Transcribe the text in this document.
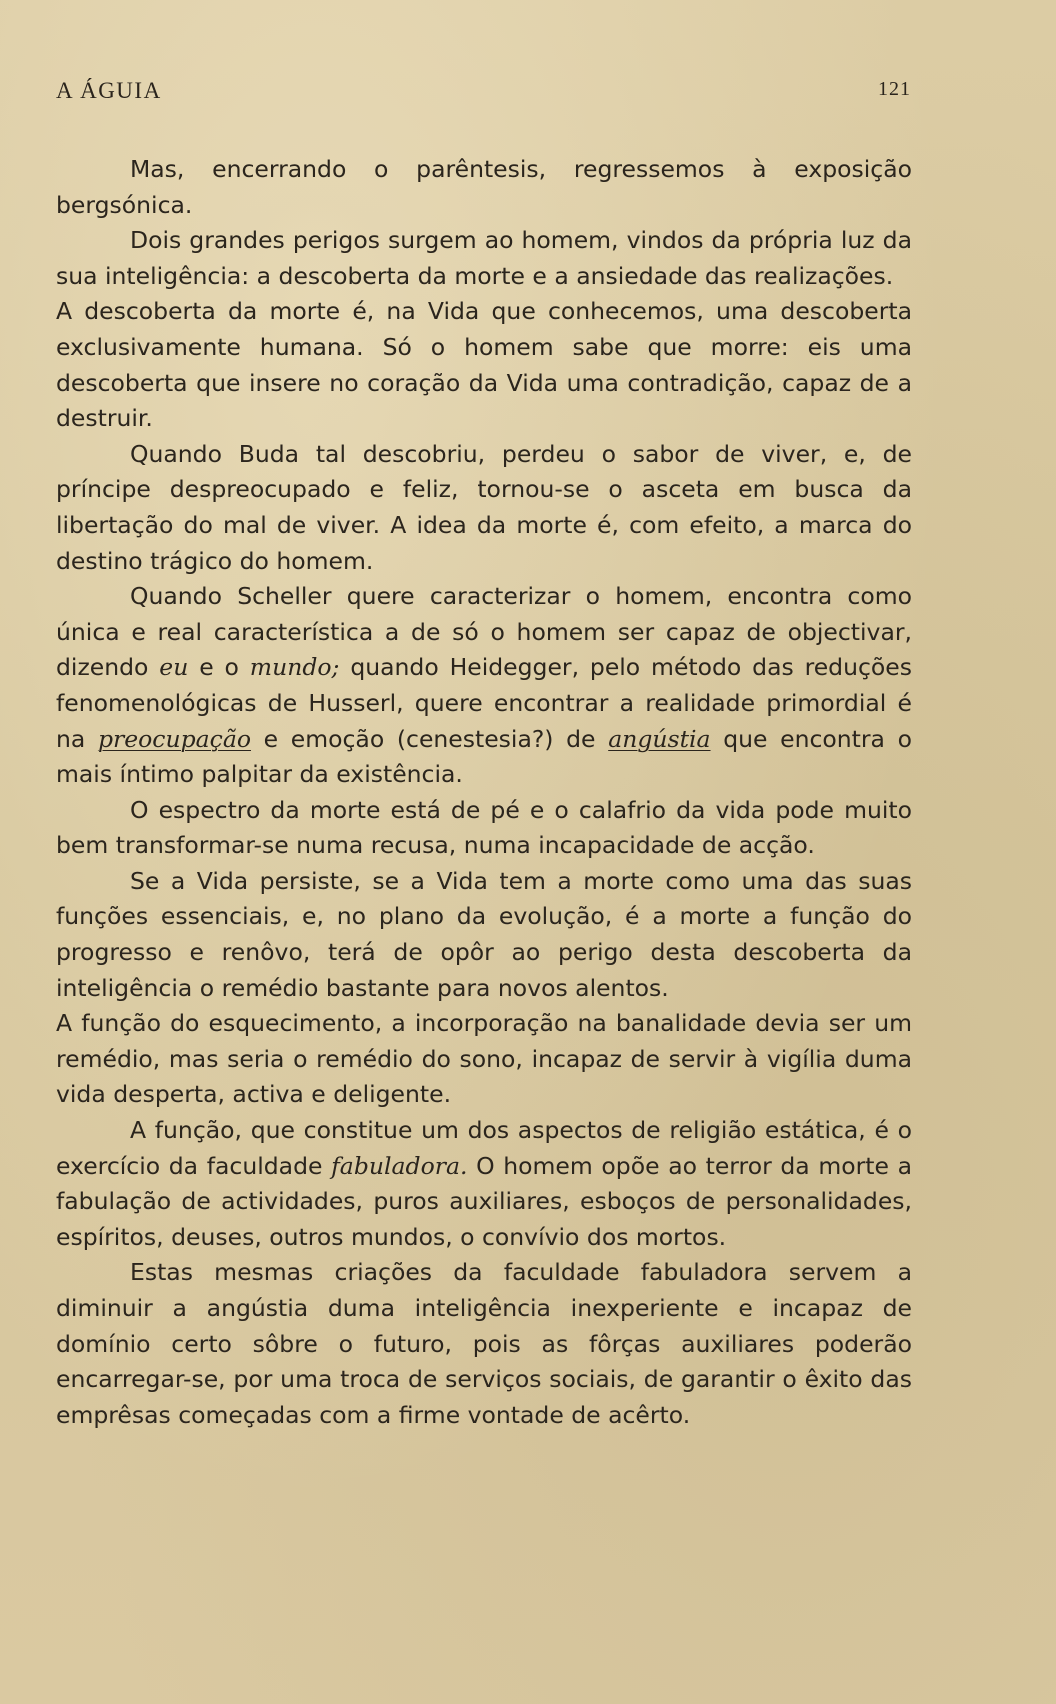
A ÁGUIA	121

Mas, encerrando o parêntesis, regressemos à exposição bergsónica.

Dois grandes perigos surgem ao homem, vindos da própria luz da sua inteligência: a descoberta da morte e a ansiedade das realizações.

A descoberta da morte é, na Vida que conhecemos, uma descoberta exclusivamente humana. Só o homem sabe que morre: eis uma descoberta que insere no coração da Vida uma contradição, capaz de a destruir.

Quando Buda tal descobriu, perdeu o sabor de viver, e, de príncipe despreocupado e feliz, tornou-se o asceta em busca da libertação do mal de viver. A idea da morte é, com efeito, a marca do destino trágico do homem.

Quando Scheller quere caracterizar o homem, encontra como única e real característica a de só o homem ser capaz de objectivar, dizendo eu e o mundo; quando Heidegger, pelo método das reduções fenomenológicas de Husserl, quere encontrar a realidade primordial é na preocupação e emoção (cenestesia?) de angústia que encontra o mais íntimo palpitar da existência.

O espectro da morte está de pé e o calafrio da vida pode muito bem transformar-se numa recusa, numa incapacidade de acção.

Se a Vida persiste, se a Vida tem a morte como uma das suas funções essenciais, e, no plano da evolução, é a morte a função do progresso e renôvo, terá de opôr ao perigo desta descoberta da inteligência o remédio bastante para novos alentos.

A função do esquecimento, a incorporação na banalidade devia ser um remédio, mas seria o remédio do sono, incapaz de servir à vigília duma vida desperta, activa e deligente.

A função, que constitue um dos aspectos de religião estática, é o exercício da faculdade fabuladora. O homem opõe ao terror da morte a fabulação de actividades, puros auxiliares, esboços de personalidades, espíritos, deuses, outros mundos, o convívio dos mortos.

Estas mesmas criações da faculdade fabuladora servem a diminuir a angústia duma inteligência inexperiente e incapaz de domínio certo sôbre o futuro, pois as fôrças auxiliares poderão encarregar-se, por uma troca de serviços sociais, de garantir o êxito das emprêsas começadas com a firme vontade de acêrto.
